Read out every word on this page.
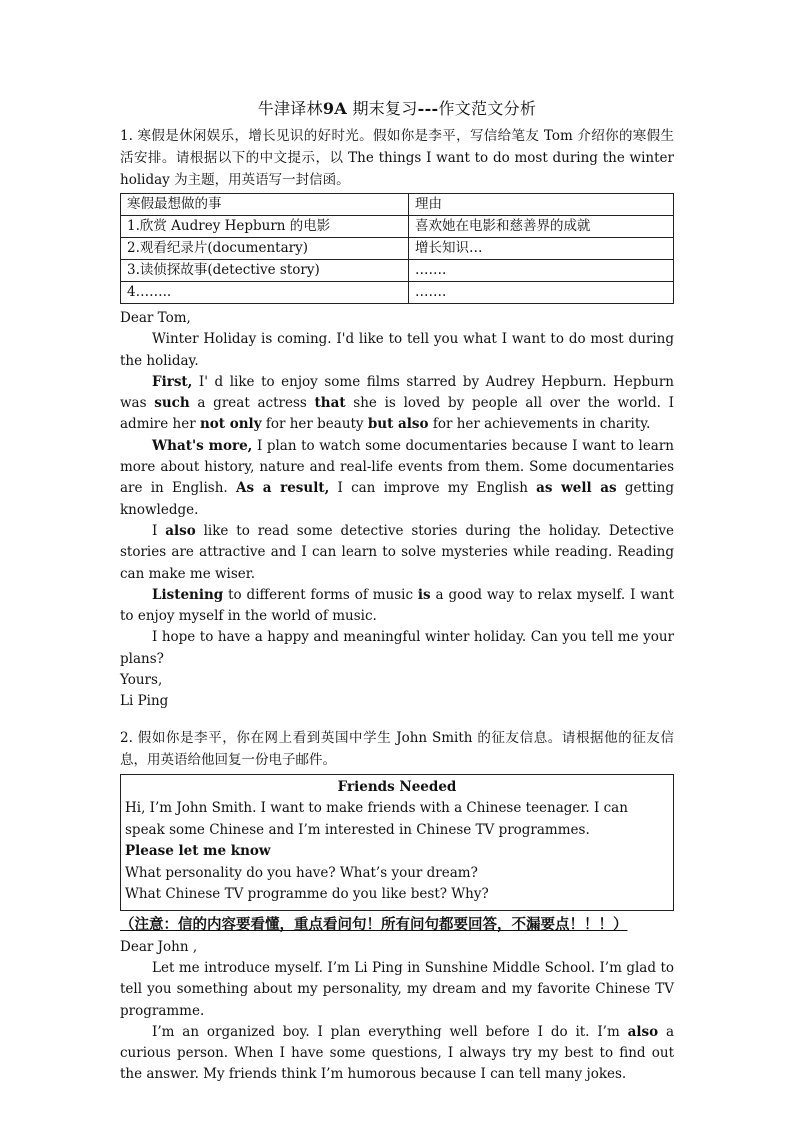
牛津译林9A 期末复习---作文范文分析

1. 寒假是休闲娱乐，增长见识的好时光。假如你是李平，写信给笔友 Tom 介绍你的寒假生活安排。请根据以下的中文提示，以 The things I want to do most during the winter holiday 为主题，用英语写一封信函。

寒假最想做的事	理由
1.欣赏 Audrey Hepburn 的电影	喜欢她在电影和慈善界的成就
2.观看纪录片(documentary)	增长知识…
3.读侦探故事(detective story)	…….
4……..	…….

Dear Tom,

Winter Holiday is coming. I'd like to tell you what I want to do most during the holiday.

First, I' d like to enjoy some films starred by Audrey Hepburn. Hepburn was such a great actress that she is loved by people all over the world. I admire her not only for her beauty but also for her achievements in charity.

What's more, I plan to watch some documentaries because I want to learn more about history, nature and real-life events from them. Some documentaries are in English. As a result, I can improve my English as well as getting knowledge.

I also like to read some detective stories during the holiday. Detective stories are attractive and I can learn to solve mysteries while reading. Reading can make me wiser.

Listening to different forms of music is a good way to relax myself. I want to enjoy myself in the world of music.

I hope to have a happy and meaningful winter holiday. Can you tell me your plans?

Yours,

Li Ping

2. 假如你是李平，你在网上看到英国中学生 John Smith 的征友信息。请根据他的征友信息，用英语给他回复一份电子邮件。

Friends Needed

Hi, I’m John Smith. I want to make friends with a Chinese teenager. I can speak some Chinese and I’m interested in Chinese TV programmes.

Please let me know

What personality do you have? What’s your dream?

What Chinese TV programme do you like best? Why?

（注意：信的内容要看懂，重点看问句！所有问句都要回答，不漏要点！！！）

Dear John ,

Let me introduce myself. I’m Li Ping in Sunshine Middle School. I’m glad to tell you something about my personality, my dream and my favorite Chinese TV programme.

I’m an organized boy. I plan everything well before I do it. I’m also a curious person. When I have some questions, I always try my best to find out the answer. My friends think I’m humorous because I can tell many jokes.
